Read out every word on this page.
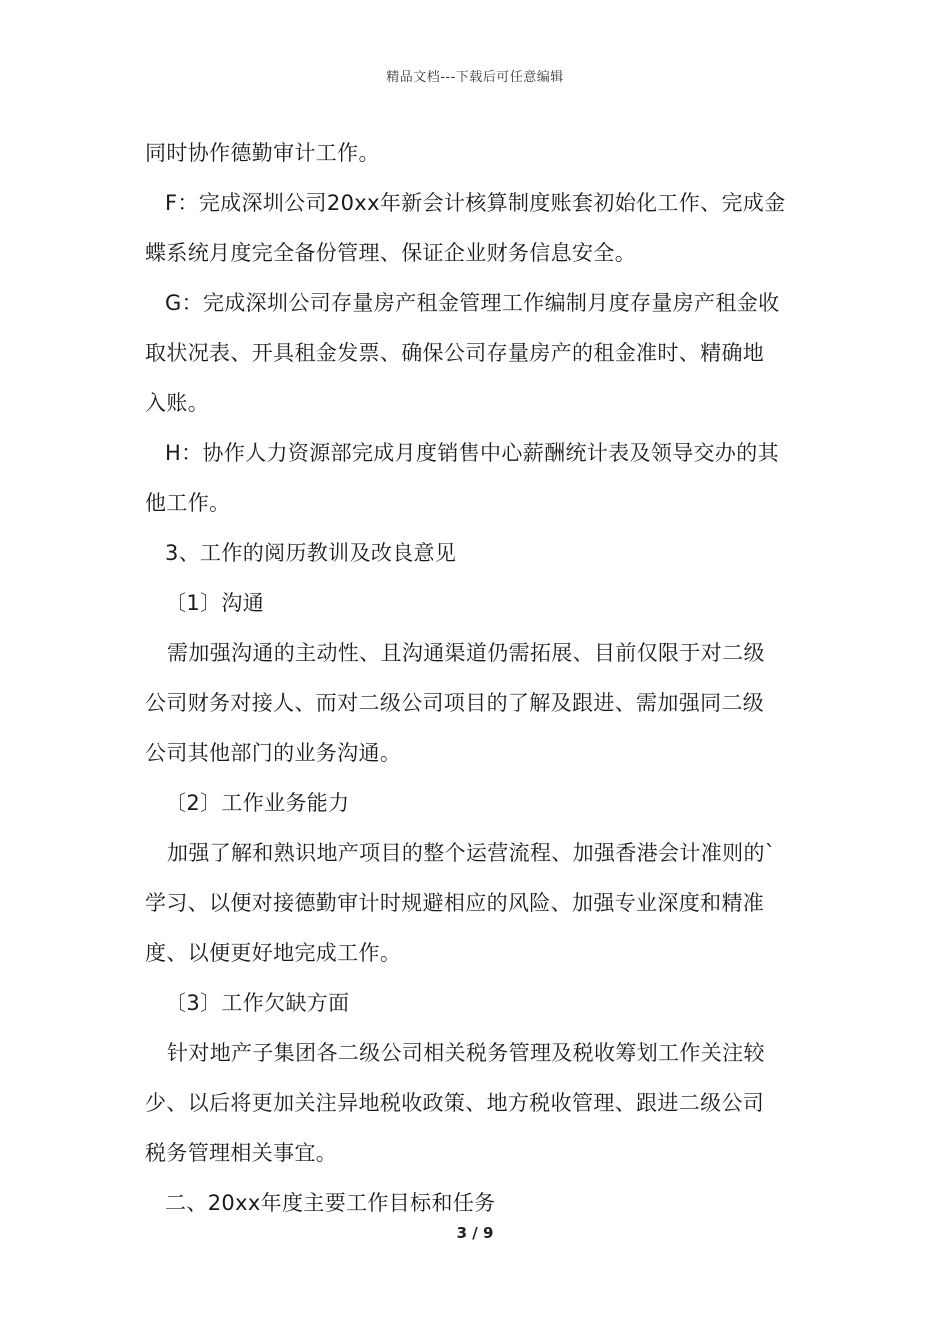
精品文档---下载后可任意编辑
同时协作德勤审计工作。
F：完成深圳公司20xx年新会计核算制度账套初始化工作、完成金
蝶系统月度完全备份管理、保证企业财务信息安全。
G：完成深圳公司存量房产租金管理工作编制月度存量房产租金收
取状况表、开具租金发票、确保公司存量房产的租金准时、精确地
入账。
H：协作人力资源部完成月度销售中心薪酬统计表及领导交办的其
他工作。
3、工作的阅历教训及改良意见
〔1〕沟通
需加强沟通的主动性、且沟通渠道仍需拓展、目前仅限于对二级
公司财务对接人、而对二级公司项目的了解及跟进、需加强同二级
公司其他部门的业务沟通。
〔2〕工作业务能力
加强了解和熟识地产项目的整个运营流程、加强香港会计准则的`
学习、以便对接德勤审计时规避相应的风险、加强专业深度和精准
度、以便更好地完成工作。
〔3〕工作欠缺方面
针对地产子集团各二级公司相关税务管理及税收筹划工作关注较
少、以后将更加关注异地税收政策、地方税收管理、跟进二级公司
税务管理相关事宜。
二、20xx年度主要工作目标和任务
3 / 9
